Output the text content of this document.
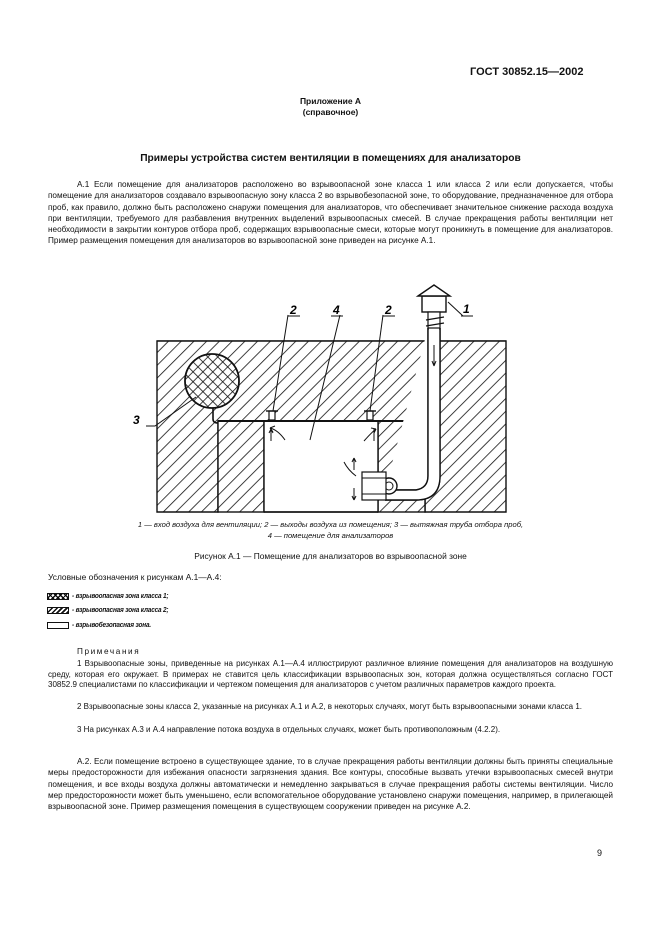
ГОСТ 30852.15—2002
Приложение А
(справочное)
Примеры устройства систем вентиляции в помещениях для анализаторов

А.1 Если помещение для анализаторов расположено во взрывоопасной зоне класса 1 или класса 2 или если допускается, чтобы помещение для анализаторов создавало взрывоопасную зону класса 2 во взрывобезопасной зоне, то оборудование, предназначенное для отбора проб, как правило, должно быть расположено снаружи помещения для анализаторов, что обеспечивает значительное снижение расхода воздуха при вентиляции, требуемого для разбавления внутренних выделений взрывоопасных смесей. В случае прекращения работы вентиляции нет необходимости в закрытии контуров отбора проб, содержащих взрывоопасные смеси, которые могут проникнуть в помещение для анализаторов. Пример размещения помещения для анализаторов во взрывоопасной зоне приведен на рисунке А.1.

2	4	2	1
3
1 — вход воздуха для вентиляции; 2 — выходы воздуха из помещения; 3 — вытяжная труба отбора проб,
4 — помещение для анализаторов
Рисунок А.1 — Помещение для анализаторов во взрывоопасной зоне
Условные обозначения к рисункам А.1—А.4:
- взрывоопасная зона класса 1;
- взрывоопасная зона класса 2;
- взрывобезопасная зона.
Примечания

1 Взрывоопасные зоны, приведенные на рисунках А.1—А.4 иллюстрируют различное влияние помещения для анализаторов на воздушную среду, которая его окружает. В примерах не ставится цель классификации взрывоопасных зон, которая должна осуществляться согласно ГОСТ 30852.9 специалистами по классификации и чертежом помещения для анализаторов с учетом различных параметров каждого проекта.

2 Взрывоопасные зоны класса 2, указанные на рисунках А.1 и А.2, в некоторых случаях, могут быть взрывоопасными зонами класса 1.

3 На рисунках А.3 и А.4 направление потока воздуха в отдельных случаях, может быть противоположным (4.2.2).

А.2. Если помещение встроено в существующее здание, то в случае прекращения работы вентиляции должны быть приняты специальные меры предосторожности для избежания опасности загрязнения здания. Все контуры, способные вызвать утечки взрывоопасных смесей внутри помещения, и все входы воздуха должны автоматически и немедленно закрываться в случае прекращения работы системы вентиляции. Число мер предосторожности может быть уменьшено, если вспомогательное оборудование установлено снаружи помещения, например, в прилегающей взрывоопасной зоне. Пример размещения помещения в существующем сооружении приведен на рисунке А.2.

9
